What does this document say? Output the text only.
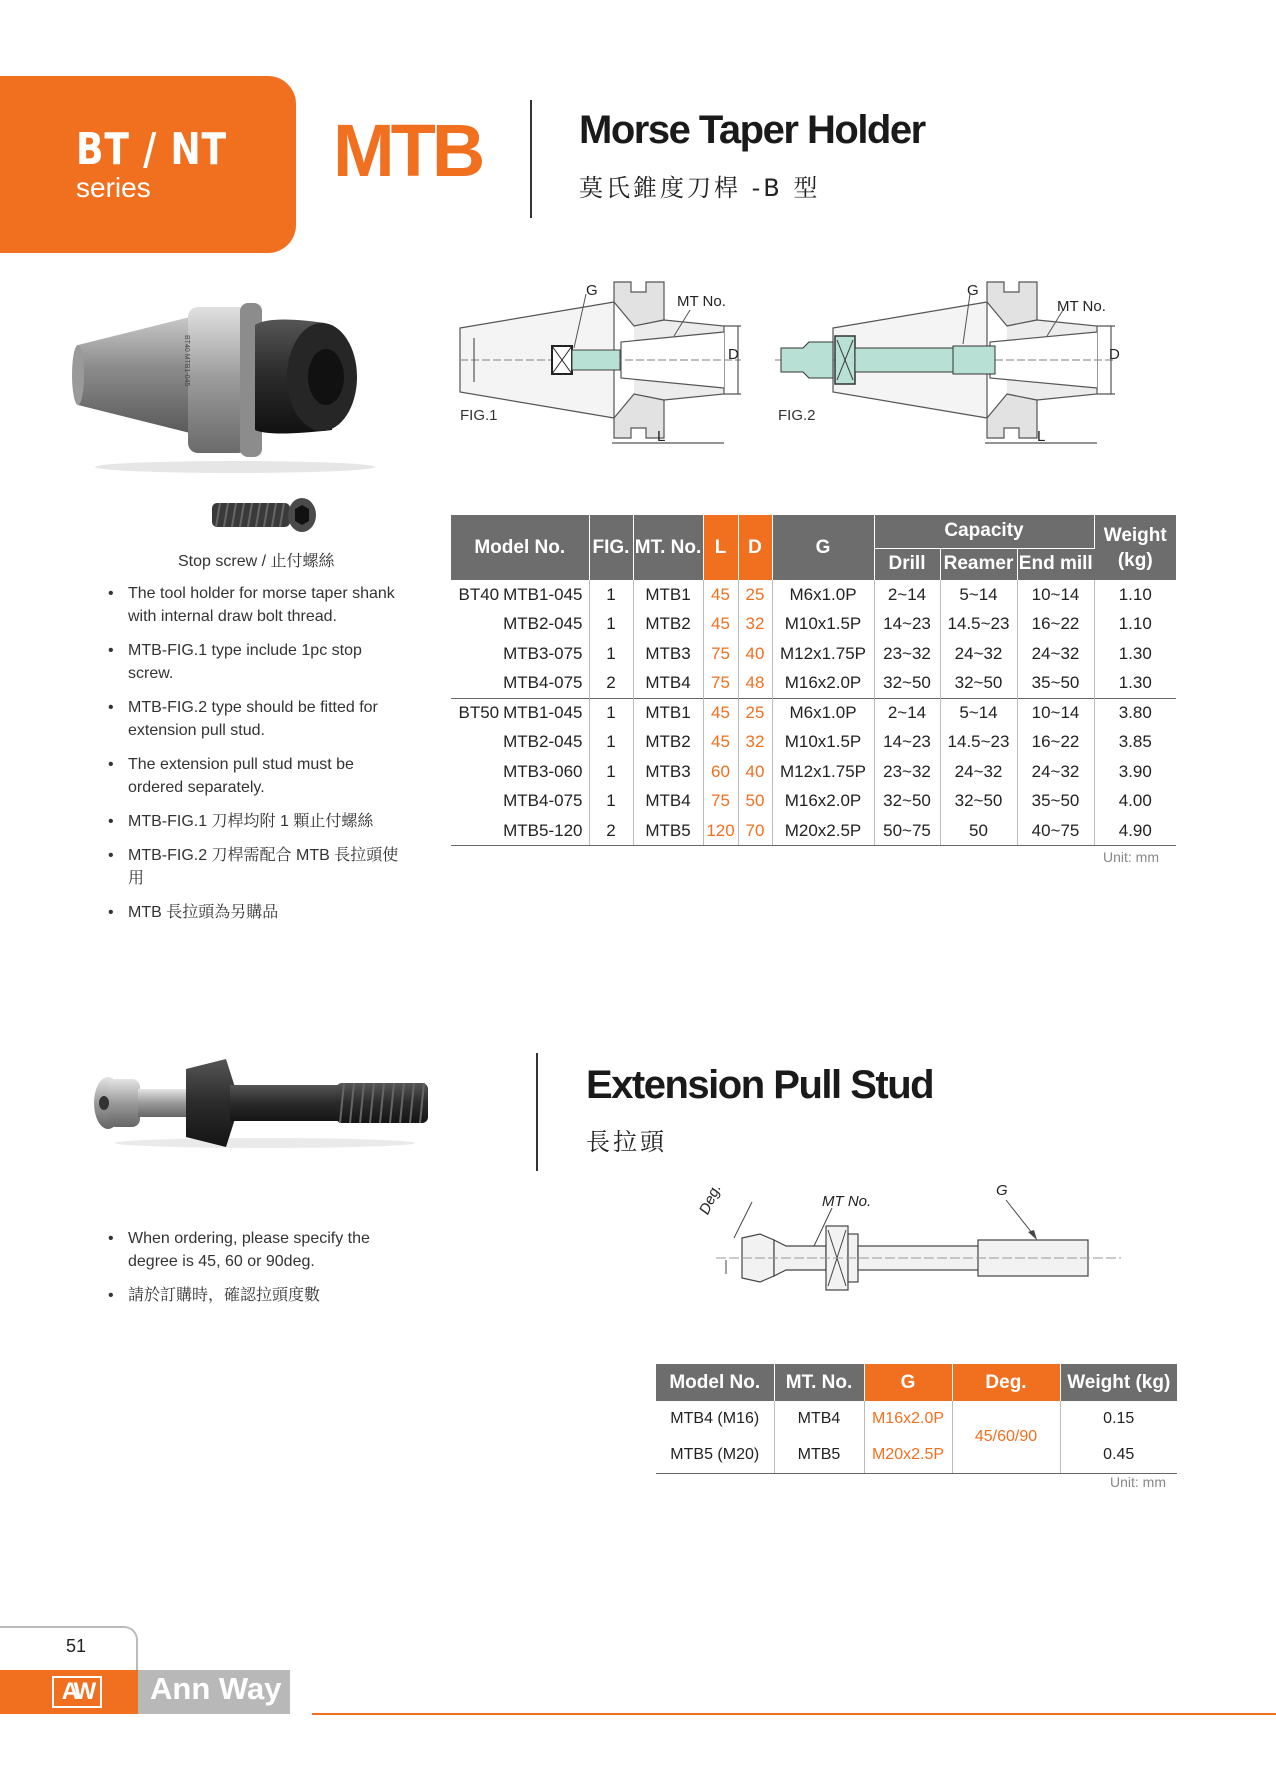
BT / NT
series MTB Morse Taper Holder
莫氏錐度刀桿 -B 型
BT40 MTB1-045
Stop screw / 止付螺絲
G
MT No.
D
L
FIG.1
G
MT No.
D
L
FIG.2
• The tool holder for morse taper shank with internal draw bolt thread.
• MTB-FIG.1 type include 1pc stop screw.
• MTB-FIG.2 type should be fitted for extension pull stud.
• The extension pull stud must be ordered separately.
• MTB-FIG.1 刀桿均附 1 顆止付螺絲
• MTB-FIG.2 刀桿需配合 MTB 長拉頭使用
• MTB 長拉頭為另購品
Model No.	FIG.	MT. No.	L	D	G	Capacity			Weight (kg)
						Drill	Reamer	End mill	
BT40 MTB1-045	1	MTB1	45	25	M6x1.0P	2~14	5~14	10~14	1.10
MTB2-045	1	MTB2	45	32	M10x1.5P	14~23	14.5~23	16~22	1.10
MTB3-075	1	MTB3	75	40	M12x1.75P	23~32	24~32	24~32	1.30
MTB4-075	2	MTB4	75	48	M16x2.0P	32~50	32~50	35~50	1.30
BT50 MTB1-045	1	MTB1	45	25	M6x1.0P	2~14	5~14	10~14	3.80
MTB2-045	1	MTB2	45	32	M10x1.5P	14~23	14.5~23	16~22	3.85
MTB3-060	1	MTB3	60	40	M12x1.75P	23~32	24~32	24~32	3.90
MTB4-075	1	MTB4	75	50	M16x2.0P	32~50	32~50	35~50	4.00
MTB5-120	2	MTB5	120	70	M20x2.5P	50~75	50	40~75	4.90
Unit: mm
Extension Pull Stud
長拉頭
• When ordering, please specify the degree is 45, 60 or 90deg.
• 請於訂購時，確認拉頭度數
Deg.	MT No.
G
Model No.	MT. No.	G	Deg.	Weight (kg)
MTB4 (M16)	MTB4	M16x2.0P	45/60/90	0.15
MTB5 (M20)	MTB5	M20x2.5P		0.45
Unit: mm
51
AW	Ann Way
